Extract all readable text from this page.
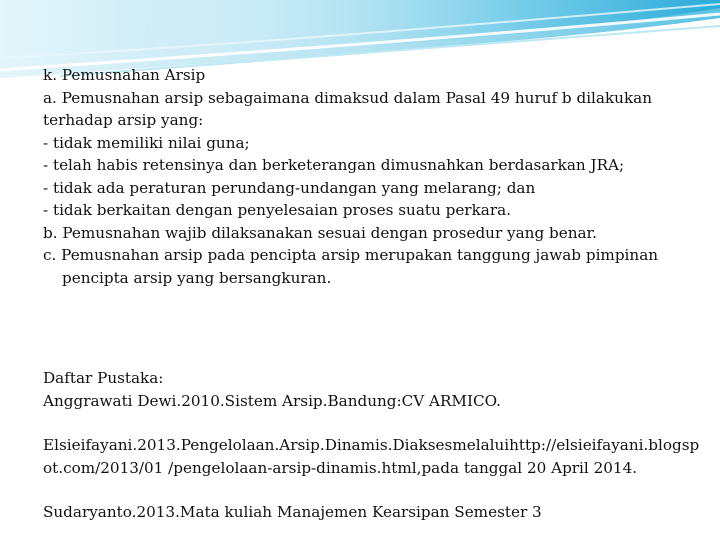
k. Pemusnahan Arsip
a. Pemusnahan arsip sebagaimana dimaksud dalam Pasal 49 huruf b dilakukan
terhadap arsip yang:
- tidak memiliki nilai guna;
- telah habis retensinya dan berketerangan dimusnahkan berdasarkan JRA;
- tidak ada peraturan perundang-undangan yang melarang; dan
- tidak berkaitan dengan penyelesaian proses suatu perkara.
b. Pemusnahan wajib dilaksanakan sesuai dengan prosedur yang benar.
c. Pemusnahan arsip pada pencipta arsip merupakan tanggung jawab pimpinan
pencipta arsip yang bersangkuran.
Daftar Pustaka:
Anggrawati Dewi.2010.Sistem Arsip.Bandung:CV ARMICO.
Elsieifayani.2013.Pengelolaan.Arsip.Dinamis.Diaksesmelaluihttp://elsieifayani.blogsp
ot.com/2013/01 /pengelolaan-arsip-dinamis.html,pada tanggal 20 April 2014.
Sudaryanto.2013.Mata kuliah Manajemen Kearsipan Semester 3
